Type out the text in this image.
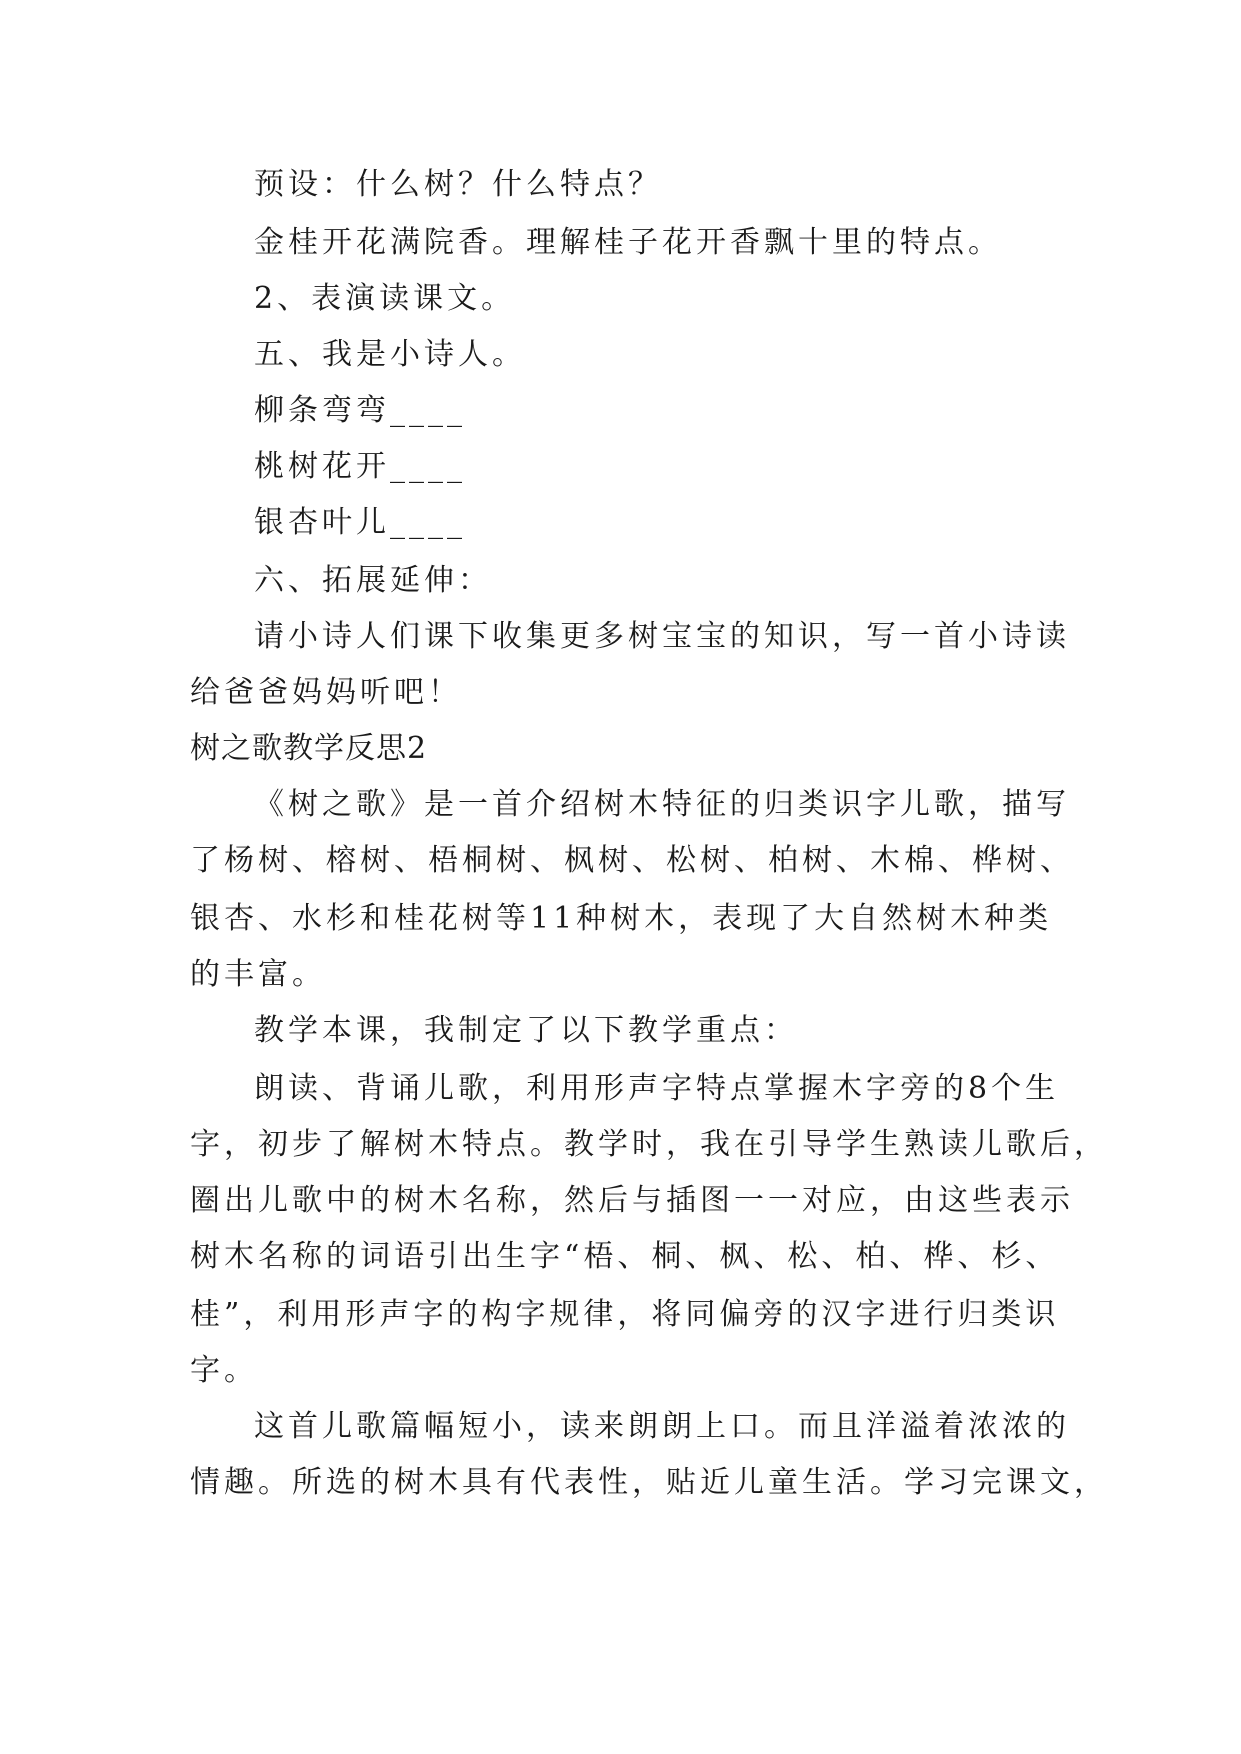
预设：什么树？什么特点？
金桂开花满院香。理解桂子花开香飘十里的特点。
2、表演读课文。
五、我是小诗人。
柳条弯弯____
桃树花开____
银杏叶儿____
六、拓展延伸：
请小诗人们课下收集更多树宝宝的知识，写一首小诗读
给爸爸妈妈听吧！
树之歌教学反思2
《树之歌》是一首介绍树木特征的归类识字儿歌，描写
了杨树、榕树、梧桐树、枫树、松树、柏树、木棉、桦树、
银杏、水杉和桂花树等11种树木，表现了大自然树木种类
的丰富。
教学本课，我制定了以下教学重点：
朗读、背诵儿歌，利用形声字特点掌握木字旁的8个生
字，初步了解树木特点。教学时，我在引导学生熟读儿歌后，
圈出儿歌中的树木名称，然后与插图一一对应，由这些表示
树木名称的词语引出生字“梧、桐、枫、松、柏、桦、杉、
桂”，利用形声字的构字规律，将同偏旁的汉字进行归类识
字。
这首儿歌篇幅短小，读来朗朗上口。而且洋溢着浓浓的
情趣。所选的树木具有代表性，贴近儿童生活。学习完课文，
